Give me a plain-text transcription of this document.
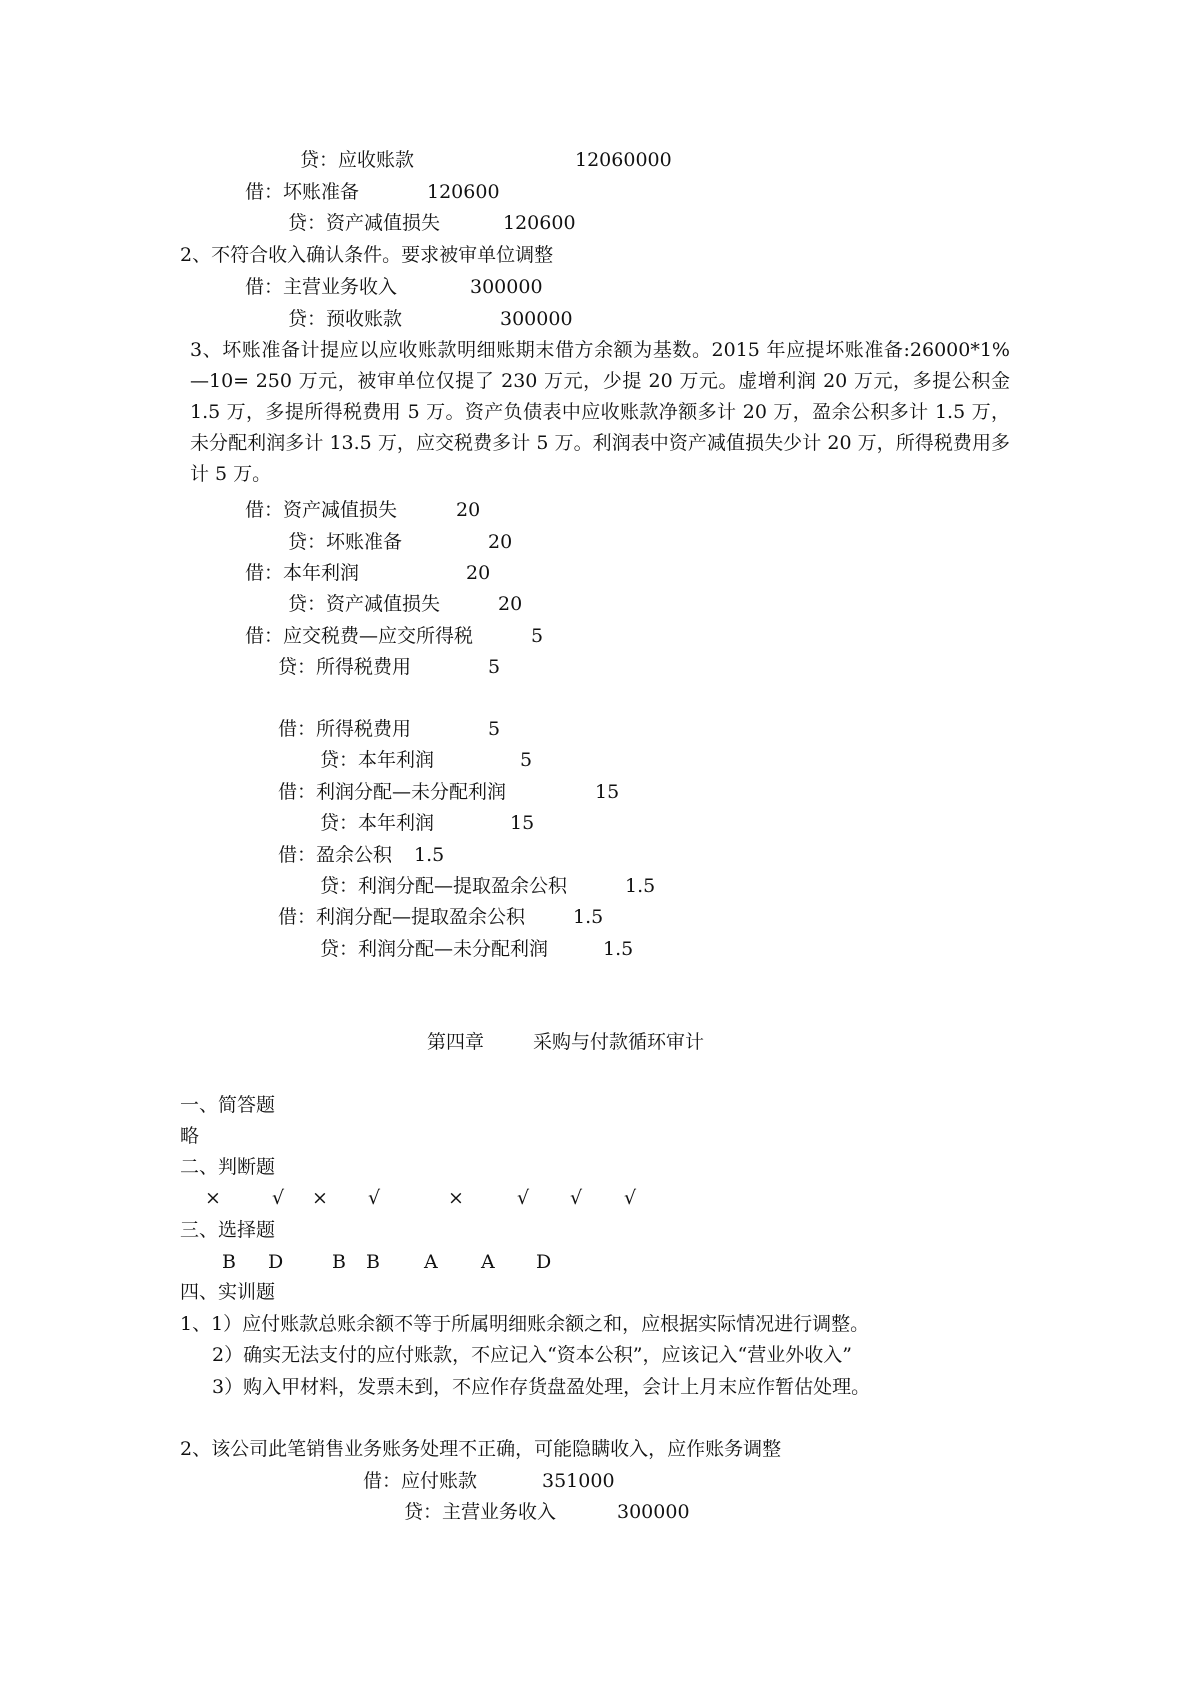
贷：应收账款	12060000
借：坏账准备	120600
贷：资产减值损失	120600
2、不符合收入确认条件。要求被审单位调整
借：主营业务收入	300000
贷：预收账款	300000
3、坏账准备计提应以应收账款明细账期末借方余额为基数。2015 年应提坏账准备:26000*1% —10= 250 万元，被审单位仅提了 230 万元，少提 20 万元。虚增利润 20 万元，多提公积金 1.5 万，多提所得税费用 5 万。资产负债表中应收账款净额多计 20 万，盈余公积多计 1.5 万，未分配利润多计 13.5 万，应交税费多计 5 万。利润表中资产减值损失少计 20 万，所得税费用多计 5 万。
借：资产减值损失	20
贷：坏账准备	20
借：本年利润	20
贷：资产减值损失	20
借：应交税费—应交所得税	5
贷：所得税费用	5
借：所得税费用	5
贷：本年利润	5
借：利润分配—未分配利润	15
贷：本年利润	15
借：盈余公积 1.5
贷：利润分配—提取盈余公积	1.5
借：利润分配—提取盈余公积	1.5
贷：利润分配—未分配利润	1.5
第四章	采购与付款循环审计
一、简答题
略
二、判断题
×	√ × √	×	√ √ √
三、选择题
B D	B B A A D
四、实训题
1、1）应付账款总账余额不等于所属明细账余额之和，应根据实际情况进行调整。
2）确实无法支付的应付账款，不应记入“资本公积”，应该记入“营业外收入”
3）购入甲材料，发票未到，不应作存货盘盈处理，会计上月末应作暂估处理。
2、该公司此笔销售业务账务处理不正确，可能隐瞒收入，应作账务调整
借：应付账款	351000
贷：主营业务收入	300000
